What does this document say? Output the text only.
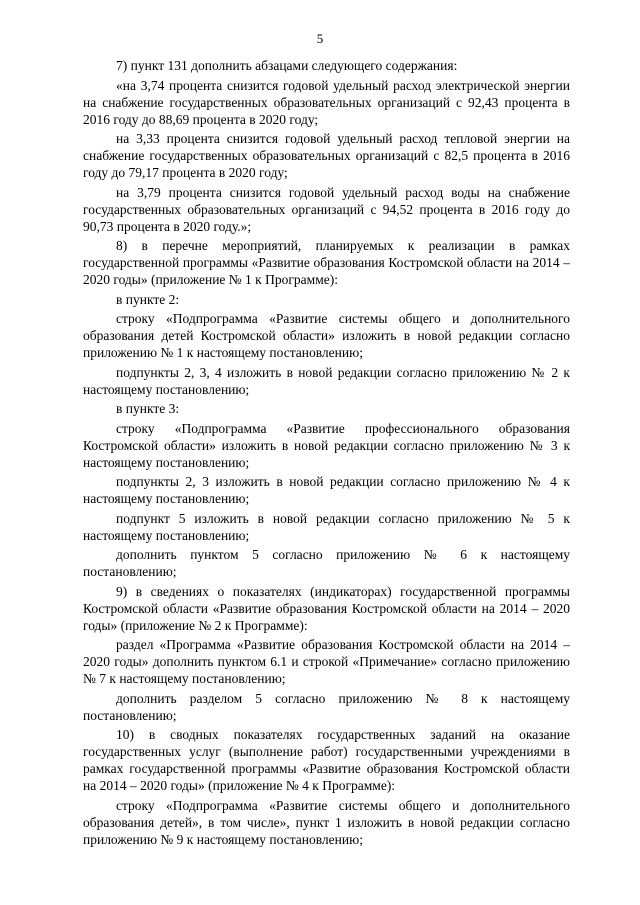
5

7) пункт 131 дополнить абзацами следующего содержания:

«на 3,74 процента снизится годовой удельный расход электрической энергии на снабжение государственных образовательных организаций с 92,43 процента в 2016 году до 88,69 процента в 2020 году;

на 3,33 процента снизится годовой удельный расход тепловой энергии на снабжение государственных образовательных организаций с 82,5 процента в 2016 году до 79,17 процента в 2020 году;

на 3,79 процента снизится годовой удельный расход воды на снабжение государственных образовательных организаций с 94,52 процента в 2016 году до 90,73 процента в 2020 году.»;

8) в перечне мероприятий, планируемых к реализации в рамках государственной программы «Развитие образования Костромской области на 2014 – 2020 годы» (приложение № 1 к Программе):

в пункте 2:

строку «Подпрограмма «Развитие системы общего и дополнительного образования детей Костромской области» изложить в новой редакции согласно приложению № 1 к настоящему постановлению;

подпункты 2, 3, 4 изложить в новой редакции согласно приложению № 2 к настоящему постановлению;

в пункте 3:

строку «Подпрограмма «Развитие профессионального образования Костромской области» изложить в новой редакции согласно приложению № 3 к настоящему постановлению;

подпункты 2, 3 изложить в новой редакции согласно приложению № 4 к настоящему постановлению;

подпункт 5 изложить в новой редакции согласно приложению № 5 к настоящему постановлению;

дополнить пунктом 5 согласно приложению № 6 к настоящему постановлению;

9) в сведениях о показателях (индикаторах) государственной программы Костромской области «Развитие образования Костромской области на 2014 – 2020 годы» (приложение № 2 к Программе):

раздел «Программа «Развитие образования Костромской области на 2014 – 2020 годы» дополнить пунктом 6.1 и строкой «Примечание» согласно приложению № 7 к настоящему постановлению;

дополнить разделом 5 согласно приложению № 8 к настоящему постановлению;

10) в сводных показателях государственных заданий на оказание государственных услуг (выполнение работ) государственными учреждениями в рамках государственной программы «Развитие образования Костромской области на 2014 – 2020 годы» (приложение № 4 к Программе):

строку «Подпрограмма «Развитие системы общего и дополнительного образования детей», в том числе», пункт 1 изложить в новой редакции согласно приложению № 9 к настоящему постановлению;
